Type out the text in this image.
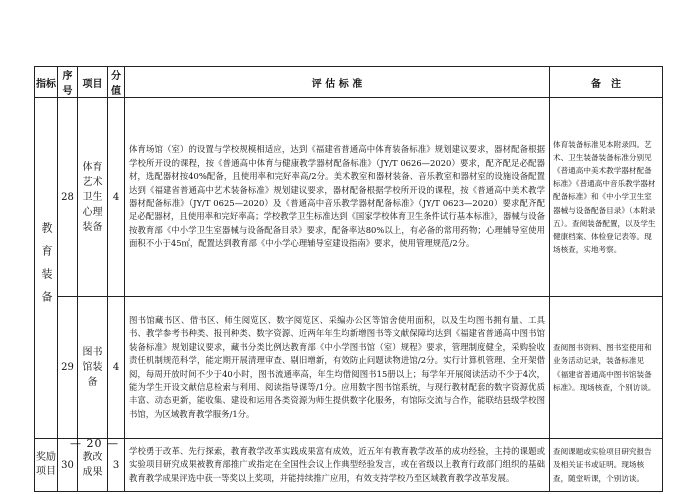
指标	序号	项目	分值	评 估 标 准	备　注

教育装备	28	体育艺术卫生心理装备	4	体育场馆（室）的设置与学校规模相适应，达到《福建省普通高中体育装备标准》规划建议要求，器材配备根据学校所开设的课程，按《普通高中体育与健康教学器材配备标准》（JY/T 0626—2020）要求，配齐配足必配器材，选配器材按40%配备，且使用率和完好率高/2分。美术教室和器材装备、音乐教室和器材室的设施设备配置达到《福建省普通高中艺术装备标准》规划建议要求，器材配备根据学校所开设的课程，按《普通高中美术教学器材配备标准》（JY/T 0625—2020）及《普通高中音乐教学器材配备标准》（JY/T 0623—2020）要求配齐配足必配器材，且使用率和完好率高；学校教学卫生标准达到《国家学校体育卫生条件试行基本标准》，器械与设备按教育部《中小学卫生室器械与设备配备目录》要求，配备率达80%以上，有必备的常用药物；心理辅导室使用面积不小于45㎡，配置达到教育部《中小学心理辅导室建设指南》要求，使用管理规范/2分。	体育装备标准见本附录四。艺术、卫生装备装备标准分别见《普通高中美术教学器材配备标准》《普通高中音乐教学器材配备标准》和《中小学卫生室器械与设备配备目录》（本附录五）。查阅装备配置，以及学生健康档案、体检登记表等。现场核查，实地考察。

	29	图书馆装备	4	图书馆藏书区、借书区、师生阅览区、数字阅览区、采编办公区等馆舍使用面积，以及生均图书拥有量、工具书、教学参考书种类、报刊种类、数字资源、近两年年生均新增图书等文献保障均达到《福建省普通高中图书馆装备标准》规划建议要求，藏书分类比例达教育部《中小学图书馆（室）规程》要求，管理制度健全，采购验收责任机制规范科学，能定期开展清理审查、剔旧增新，有效防止问题读物进馆/2分。实行计算机管理、全开架借阅，每周开放时间不少于40小时，图书流通率高，年生均借阅图书15册以上；每学年开展阅读活动不少于4次，能为学生开设文献信息检索与利用、阅读指导课等/1分。应用数字图书馆系统，与现行教材配套的数字资源优质丰富、动态更新，能收集、建设和运用各类资源为师生提供数字化服务，有馆际交流与合作，能联结县级学校图书馆，为区域教育教学服务/1分。	查阅图书资料、图书室使用和业务活动记录，装备标准见《福建省普通高中图书馆装备标准》。现场核查，个别访谈。

奖励项目	30	教改成果	3	学校勇于改革、先行探索，教育教学改革实践成果富有成效，近五年有教育教学改革的成功经验，主持的课题或实验项目研究成果被教育部推广或指定在全国性会议上作典型经验发言，或在省级以上教育行政部门组织的基础教育教学成果评选中获一等奖以上奖项，并能持续推广应用，有效支持学校乃至区域教育教学改革发展。	查阅课题或实验项目研究报告及相关证书或证明。现场核查，随堂听课，个别访谈。
— 20 —
